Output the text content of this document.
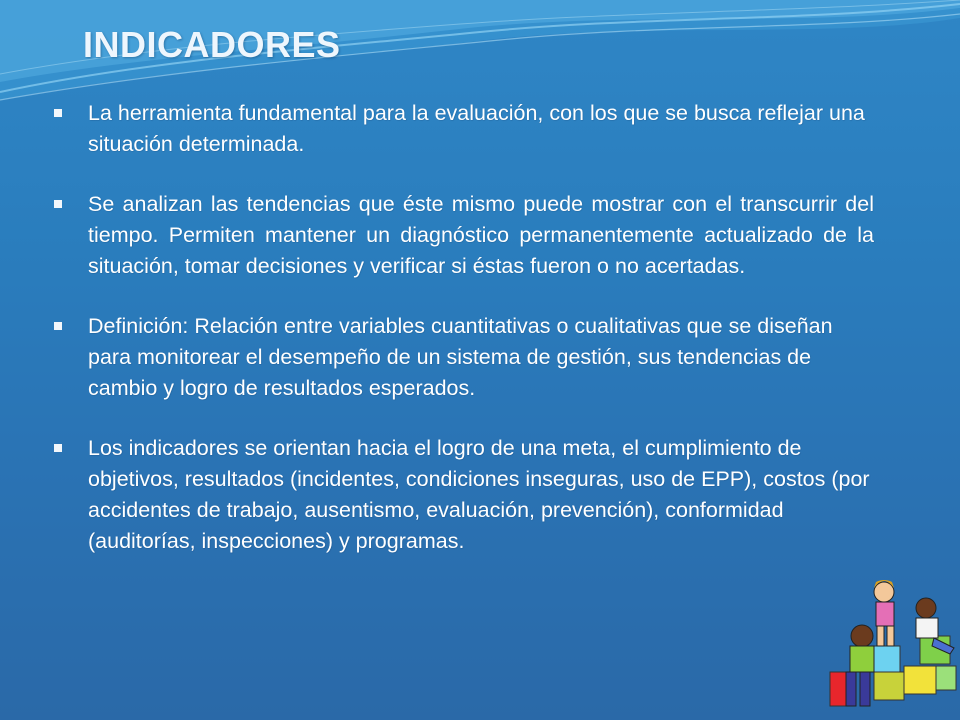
INDICADORES
La herramienta fundamental para la evaluación, con los que se busca reflejar una situación determinada.
Se analizan las tendencias que éste mismo puede mostrar con el transcurrir del tiempo. Permiten mantener un diagnóstico permanentemente actualizado de la situación, tomar decisiones y verificar si éstas fueron o no acertadas.
Definición: Relación entre variables cuantitativas o cualitativas que se diseñan para monitorear el desempeño de un sistema de gestión, sus tendencias de cambio y logro de resultados esperados.
Los indicadores se orientan hacia el logro de una meta, el cumplimiento de objetivos, resultados (incidentes, condiciones inseguras, uso de EPP), costos (por accidentes de trabajo, ausentismo, evaluación, prevención), conformidad (auditorías, inspecciones) y programas.
